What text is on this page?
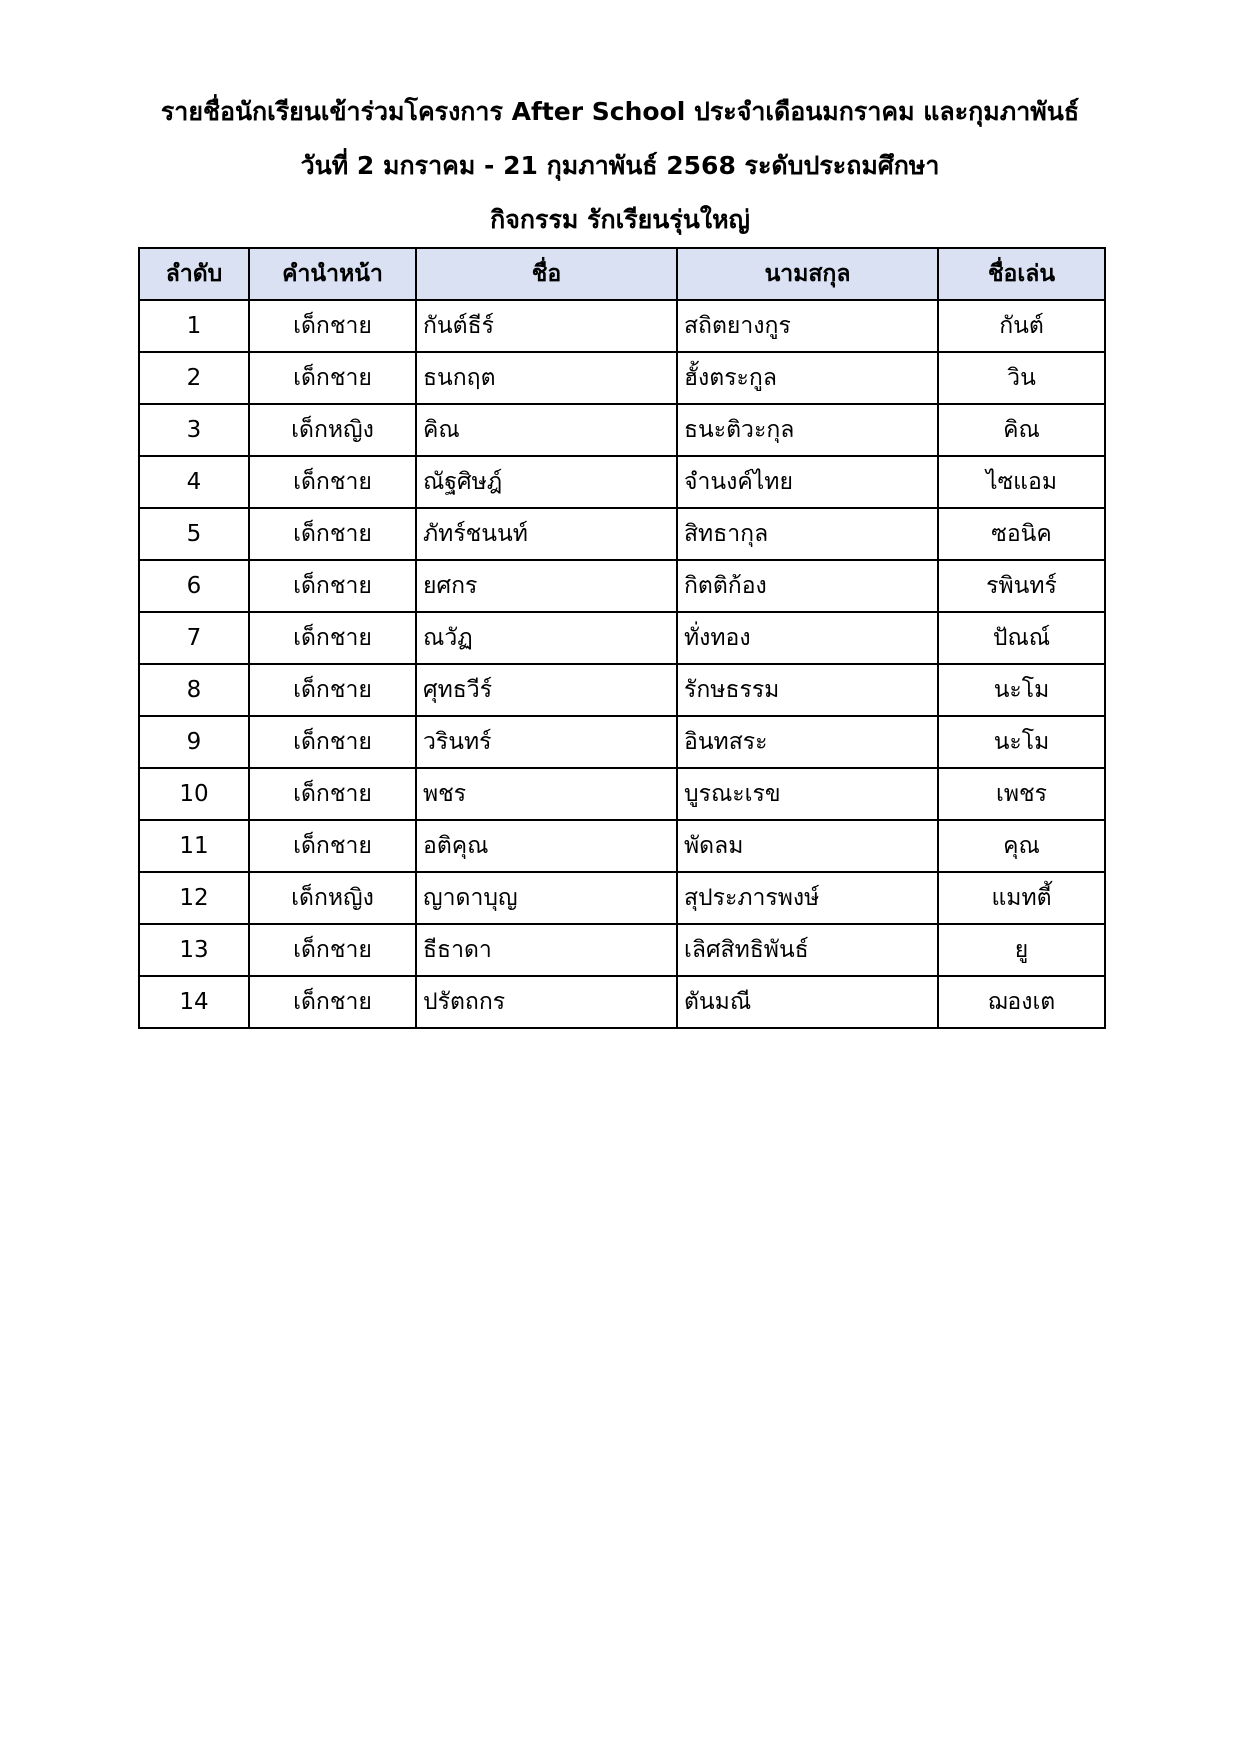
รายชื่อนักเรียนเข้าร่วมโครงการ After School ประจำเดือนมกราคม และกุมภาพันธ์
วันที่ 2 มกราคม - 21 กุมภาพันธ์ 2568 ระดับประถมศึกษา
กิจกรรม รักเรียนรุ่นใหญ่
ลำดับ	คำนำหน้า	ชื่อ	นามสกุล	ชื่อเล่น
1	เด็กชาย	กันต์ธีร์	สถิตยางกูร	กันต์
2	เด็กชาย	ธนกฤต	ฮั้งตระกูล	วิน
3	เด็กหญิง	คิณ	ธนะติวะกุล	คิณ
4	เด็กชาย	ณัฐศิษฎ์	จำนงค์ไทย	ไซแอม
5	เด็กชาย	ภัทร์ชนนท์	สิทธากุล	ซอนิค
6	เด็กชาย	ยศกร	กิตติก้อง	รพินทร์
7	เด็กชาย	ณวัฏ	ทั่งทอง	ปัณณ์
8	เด็กชาย	ศุทธวีร์	รักษธรรม	นะโม
9	เด็กชาย	วรินทร์	อินทสระ	นะโม
10	เด็กชาย	พชร	บูรณะเรข	เพชร
11	เด็กชาย	อติคุณ	พัดลม	คุณ
12	เด็กหญิง	ญาดาบุญ	สุประภารพงษ์	แมทตี้
13	เด็กชาย	ธีธาดา	เลิศสิทธิพันธ์	ยู
14	เด็กชาย	ปรัตถกร	ตันมณี	ฌองเต
